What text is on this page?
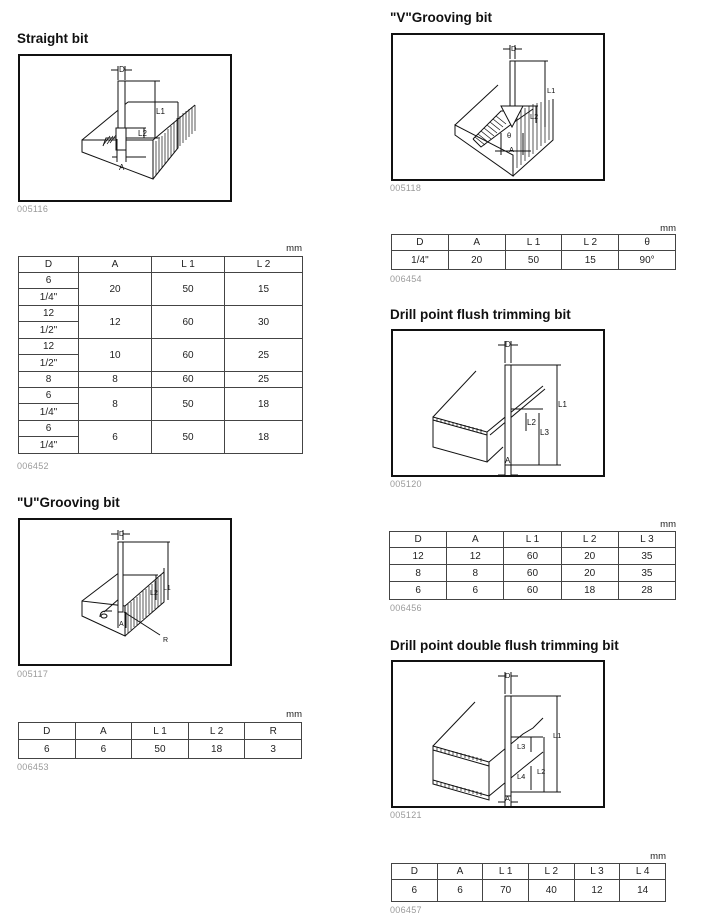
Straight bit
D
L1
L2
A
005116
mm
D	A	L 1	L 2
6	20	50	15
1/4"			
12	12	60	30
1/2"			
12	10	60	25
1/2"			
8	8	60	25
6	8	50	18
1/4"			
6	6	50	18
1/4"			
006452
"U"Grooving bit
D
L1
L2
A
R
005117
mm
D	A	L 1	L 2	R
6	6	50	18	3
006453
"V"Grooving bit
D
L1
L2
θ
A
005118
mm
D	A	L 1	L 2	θ
1/4"	20	50	15	90°
006454
Drill point flush trimming bit
D
L1
L2
L3
A
005120
mm
D	A	L 1	L 2	L 3
12	12	60	20	35
8	8	60	20	35
6	6	60	18	28
006456
Drill point double flush trimming bit
D
L1
L2
L3
L4
A
005121
mm
D	A	L 1	L 2	L 3	L 4
6	6	70	40	12	14
006457
